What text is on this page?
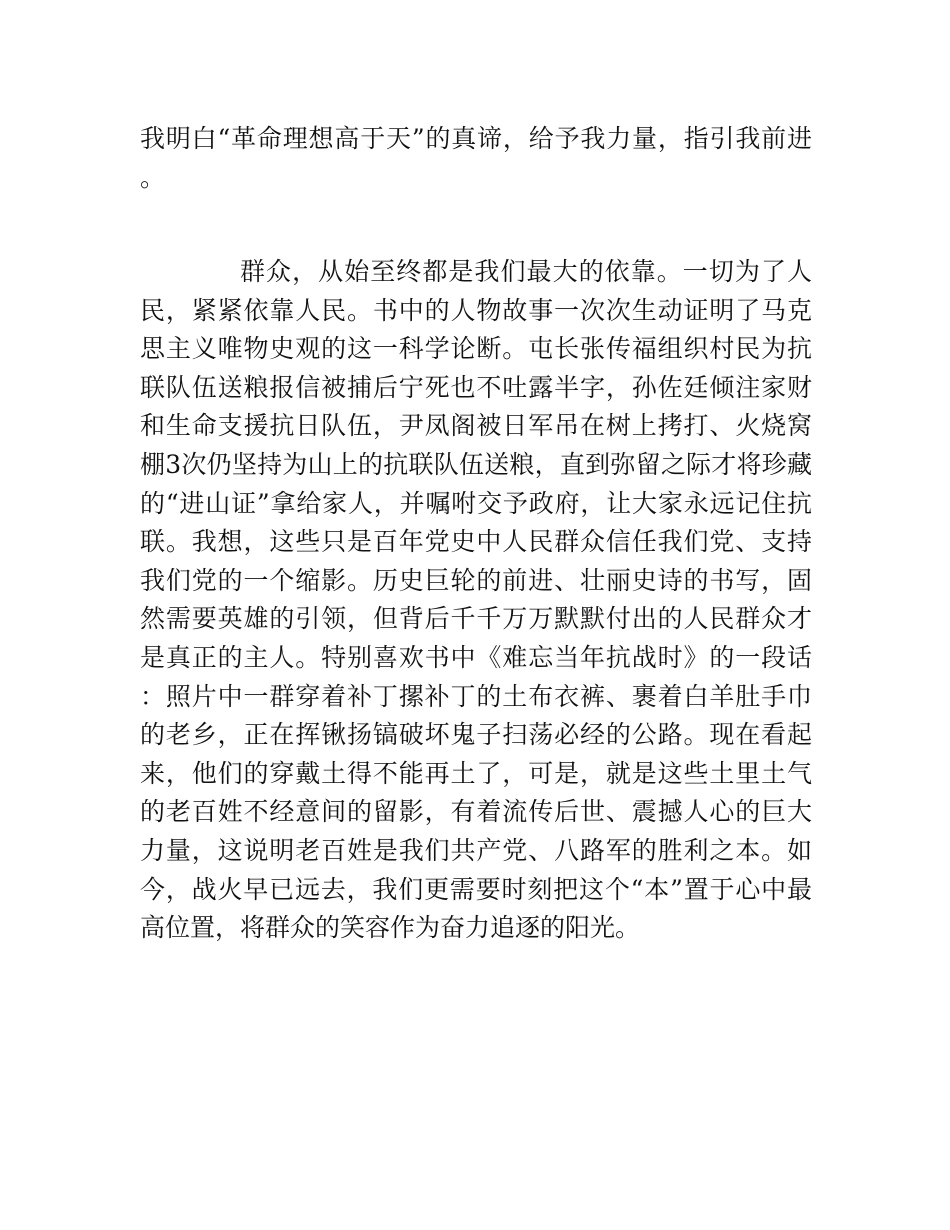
我明白“革命理想高于天”的真谛，给予我力量，指引我前进。

群众，从始至终都是我们最大的依靠。一切为了人民，紧紧依靠人民。书中的人物故事一次次生动证明了马克思主义唯物史观的这一科学论断。屯长张传福组织村民为抗联队伍送粮报信被捕后宁死也不吐露半字，孙佐廷倾注家财和生命支援抗日队伍，尹凤阁被日军吊在树上拷打、火烧窝棚3次仍坚持为山上的抗联队伍送粮，直到弥留之际才将珍藏的“进山证”拿给家人，并嘱咐交予政府，让大家永远记住抗联。我想，这些只是百年党史中人民群众信任我们党、支持我们党的一个缩影。历史巨轮的前进、壮丽史诗的书写，固然需要英雄的引领，但背后千千万万默默付出的人民群众才是真正的主人。特别喜欢书中《难忘当年抗战时》的一段话：照片中一群穿着补丁摞补丁的土布衣裤、裹着白羊肚手巾的老乡，正在挥锹扬镐破坏鬼子扫荡必经的公路。现在看起来，他们的穿戴土得不能再土了，可是，就是这些土里土气的老百姓不经意间的留影，有着流传后世、震撼人心的巨大力量，这说明老百姓是我们共产党、八路军的胜利之本。如今，战火早已远去，我们更需要时刻把这个“本”置于心中最高位置，将群众的笑容作为奋力追逐的阳光。
